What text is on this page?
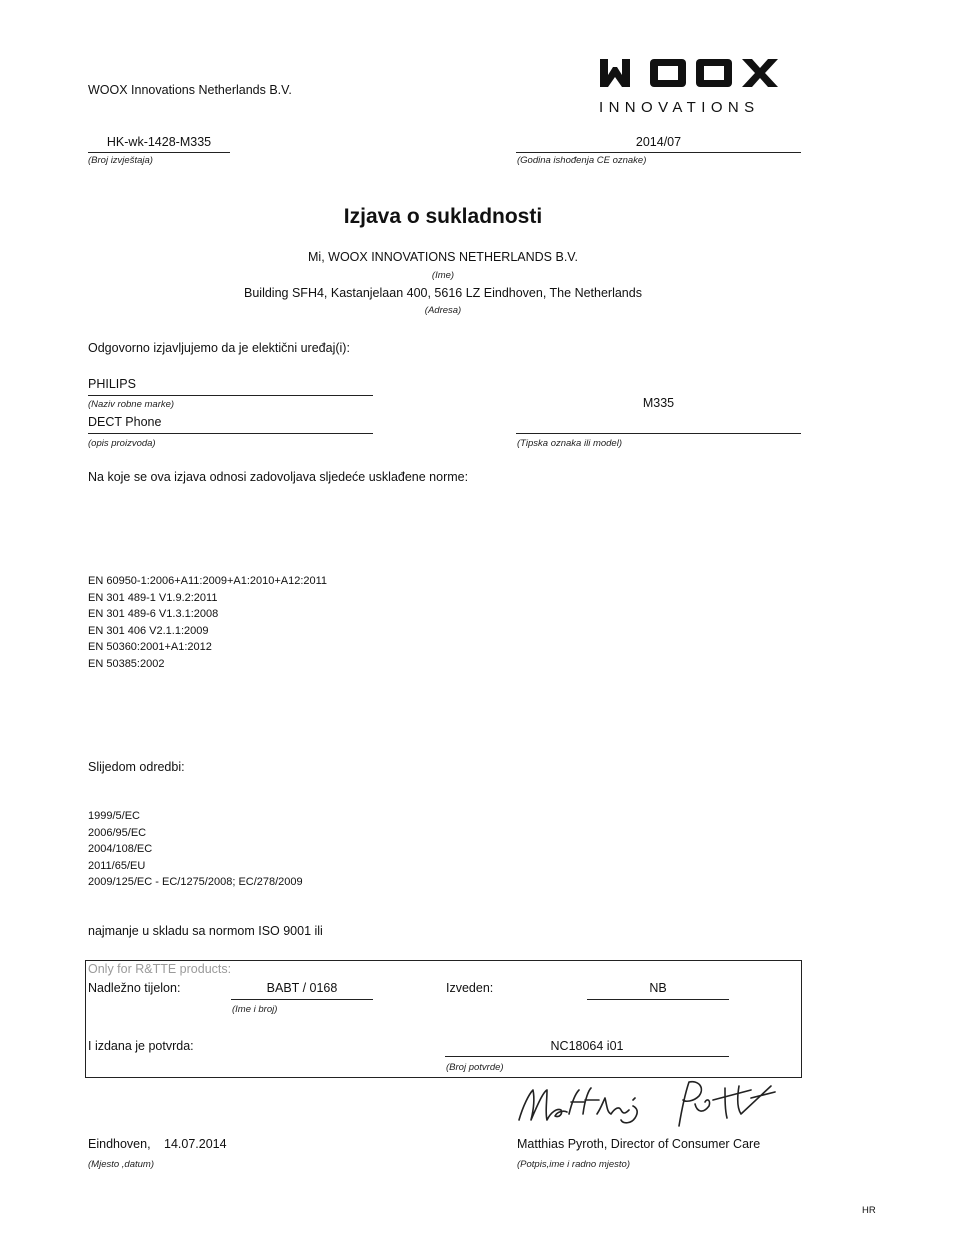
WOOX Innovations Netherlands B.V.
INNOVATIONS
HK-wk-1428-M335
(Broj izvještaja)
2014/07
(Godina ishođenja CE oznake)
Izjava o sukladnosti
Mi, WOOX INNOVATIONS NETHERLANDS B.V.
(Ime)
Building SFH4, Kastanjelaan 400, 5616 LZ Eindhoven, The Netherlands
(Adresa)
Odgovorno izjavljujemo da je elektični uređaj(i):
PHILIPS
(Naziv robne marke)
DECT Phone
(opis proizvoda)
M335
(Tipska oznaka ili model)
Na koje se ova izjava odnosi zadovoljava sljedeće usklađene norme:
EN 60950-1:2006+A11:2009+A1:2010+A12:2011
EN 301 489-1 V1.9.2:2011
EN 301 489-6 V1.3.1:2008
EN 301 406 V2.1.1:2009
EN 50360:2001+A1:2012
EN 50385:2002
Slijedom odredbi:
1999/5/EC
2006/95/EC
2004/108/EC
2011/65/EU
2009/125/EC - EC/1275/2008; EC/278/2009
najmanje u skladu sa normom ISO 9001 ili
Only for R&TTE products:
Nadležno tijelon:	BABT / 0168
(Ime i broj)
Izveden:	NB
I izdana je potvrda:	NC18064 i01
(Broj potvrde)
Eindhoven, 14.07.2014
(Mjesto ,datum)
Matthias Pyroth, Director of Consumer Care
(Potpis,ime i radno mjesto)
HR
